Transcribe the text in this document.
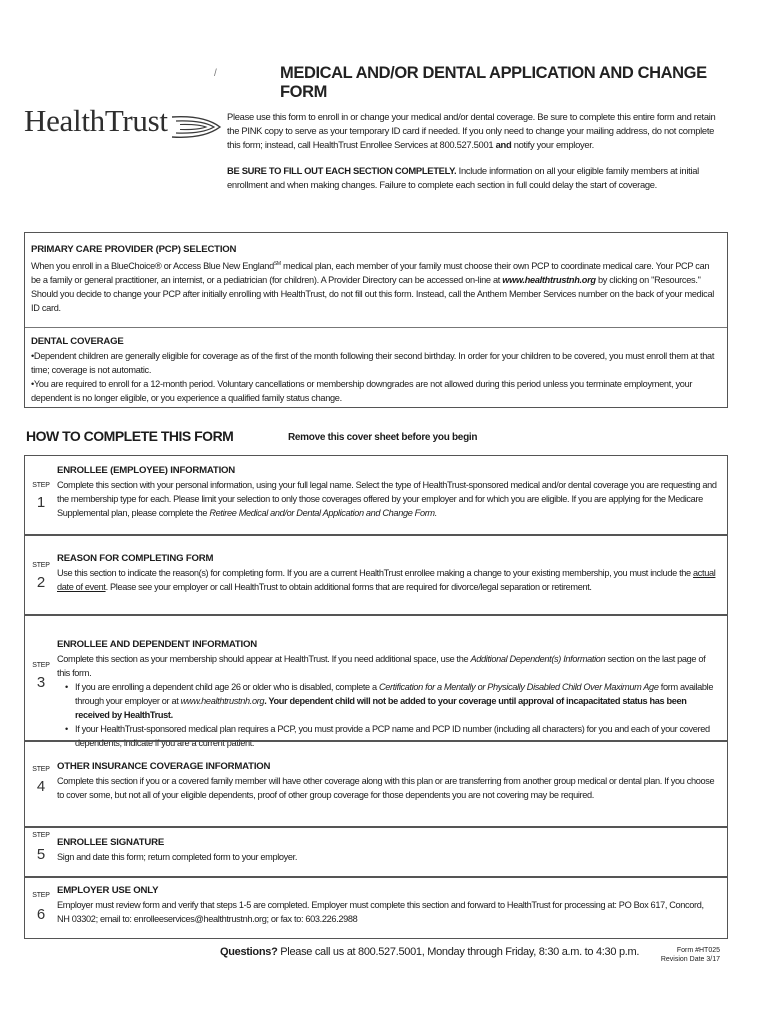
/	MEDICAL AND/OR DENTAL APPLICATION AND CHANGE FORM
HealthTrust	Please use this form to enroll in or change your medical and/or dental coverage. Be sure to complete this entire form and retain the PINK copy to serve as your temporary ID card if needed. If you only need to change your mailing address, do not complete this form; instead, call HealthTrust Enrollee Services at 800.527.5001 and notify your employer.

BE SURE TO FILL OUT EACH SECTION COMPLETELY. Include information on all your eligible family members at initial enrollment and when making changes. Failure to complete each section in full could delay the start of coverage.

PRIMARY CARE PROVIDER (PCP) SELECTION
When you enroll in a BlueChoice® or Access Blue New England℠ medical plan, each member of your family must choose their own PCP to coordinate medical care. Your PCP can be a family or general practitioner, an internist, or a pediatrician (for children). A Provider Directory can be accessed on-line at www.healthtrustnh.org by clicking on "Resources." Should you decide to change your PCP after initially enrolling with HealthTrust, do not fill out this form. Instead, call the Anthem Member Services number on the back of your medical ID card.
DENTAL COVERAGE
•Dependent children are generally eligible for coverage as of the first of the month following their second birthday. In order for your children to be covered, you must enroll them at that time; coverage is not automatic.
•You are required to enroll for a 12-month period. Voluntary cancellations or membership downgrades are not allowed during this period unless you terminate employment, your dependent is no longer eligible, or you experience a qualified family status change.
HOW TO COMPLETE THIS FORM	Remove this cover sheet before you begin
STEP
1
ENROLLEE (EMPLOYEE) INFORMATION
Complete this section with your personal information, using your full legal name. Select the type of HealthTrust-sponsored medical and/or dental coverage you are requesting and the membership type for each. Please limit your selection to only those coverages offered by your employer and for which you are eligible. If you are applying for the Medicare Supplemental plan, please complete the Retiree Medical and/or Dental Application and Change Form.
STEP
2
REASON FOR COMPLETING FORM
Use this section to indicate the reason(s) for completing form. If you are a current HealthTrust enrollee making a change to your existing membership, you must include the actual date of event. Please see your employer or call HealthTrust to obtain additional forms that are required for divorce/legal separation or retirement.
STEP
3
ENROLLEE AND DEPENDENT INFORMATION
Complete this section as your membership should appear at HealthTrust. If you need additional space, use the Additional Dependent(s) Information section on the last page of this form.
• If you are enrolling a dependent child age 26 or older who is disabled, complete a Certification for a Mentally or Physically Disabled Child Over Maximum Age form available through your employer or at www.healthtrustnh.org. Your dependent child will not be added to your coverage until approval of incapacitated status has been received by HealthTrust.
• If your HealthTrust-sponsored medical plan requires a PCP, you must provide a PCP name and PCP ID number (including all characters) for you and each of your covered dependents; indicate if you are a current patient.
STEP
4
OTHER INSURANCE COVERAGE INFORMATION
Complete this section if you or a covered family member will have other coverage along with this plan or are transferring from another group medical or dental plan. If you choose to cover some, but not all of your eligible dependents, proof of other group coverage for those dependents you are not covering may be required.
STEP
5
ENROLLEE SIGNATURE
Sign and date this form; return completed form to your employer.
STEP
6
EMPLOYER USE ONLY
Employer must review form and verify that steps 1-5 are completed. Employer must complete this section and forward to HealthTrust for processing at: PO Box 617, Concord, NH 03302; email to: enrolleeservices@healthtrustnh.org; or fax to: 603.226.2988
Questions? Please call us at 800.527.5001, Monday through Friday, 8:30 a.m. to 4:30 p.m.	Form #HT025
Revision Date 3/17
